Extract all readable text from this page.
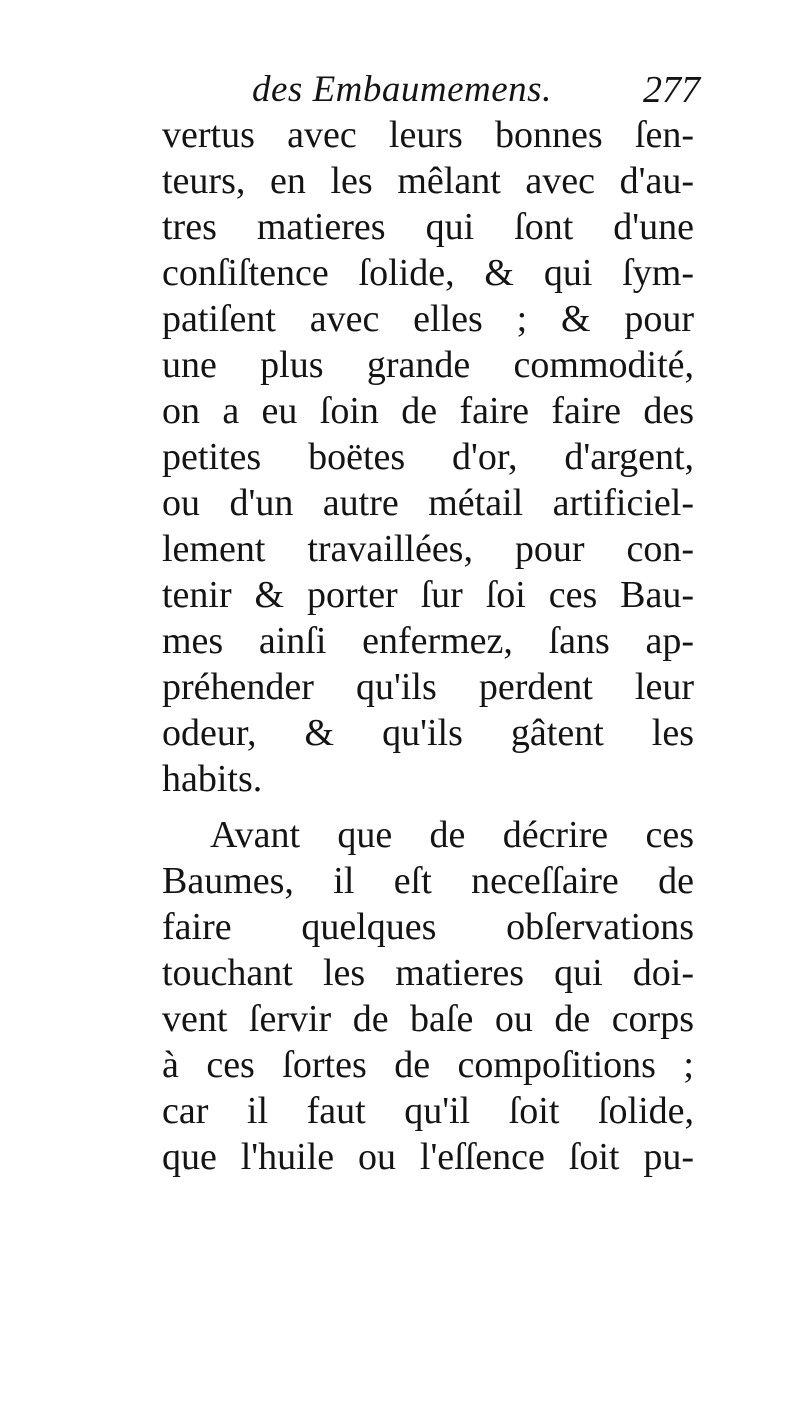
des Embaumemens. 277
vertus avec leurs bonnes ſen-
teurs, en les mêlant avec d'au-
tres matieres qui ſont d'une
conſiſtence ſolide, & qui ſym-
patiſent avec elles ; & pour
une plus grande commodité,
on a eu ſoin de faire faire des
petites boëtes d'or, d'argent,
ou d'un autre métail artificiel-
lement travaillées, pour con-
tenir & porter ſur ſoi ces Bau-
mes ainſi enfermez, ſans ap-
préhender qu'ils perdent leur
odeur, & qu'ils gâtent les
habits.
Avant que de décrire ces
Baumes, il eſt neceſſaire de
faire quelques obſervations
touchant les matieres qui doi-
vent ſervir de baſe ou de corps
à ces ſortes de compoſitions ;
car il faut qu'il ſoit ſolide,
que l'huile ou l'eſſence ſoit pu-
